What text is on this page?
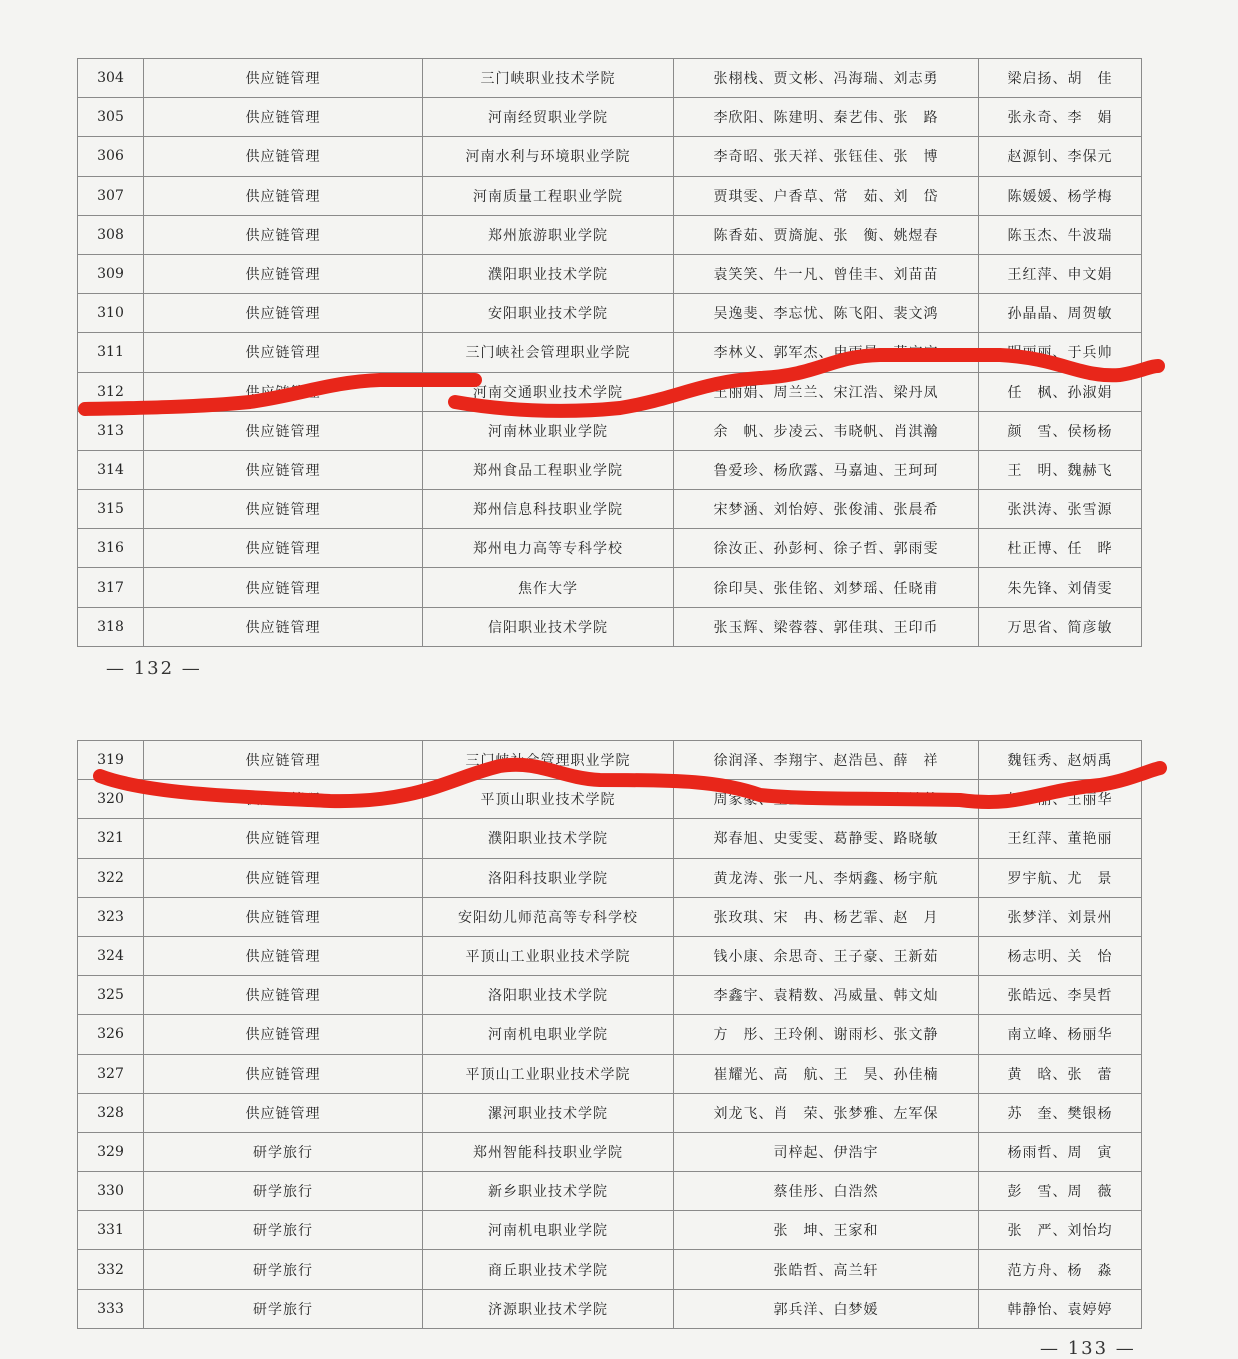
304	供应链管理	三门峡职业技术学院	张栩栈、贾文彬、冯海瑞、刘志勇	梁启扬、胡　佳
305	供应链管理	河南经贸职业学院	李欣阳、陈建明、秦艺伟、张　路	张永奇、李　娟
306	供应链管理	河南水利与环境职业学院	李奇昭、张天祥、张钰佳、张　博	赵源钊、李保元
307	供应链管理	河南质量工程职业学院	贾琪雯、户香草、常　茹、刘　岱	陈媛媛、杨学梅
308	供应链管理	郑州旅游职业学院	陈香茹、贾旖旎、张　衡、姚煜春	陈玉杰、牛波瑞
309	供应链管理	濮阳职业技术学院	袁笑笑、牛一凡、曾佳丰、刘苗苗	王红萍、申文娟
310	供应链管理	安阳职业技术学院	吴逸斐、李忘忧、陈飞阳、裴文鸿	孙晶晶、周贺敏
311	供应链管理	三门峡社会管理职业学院	李林义、郭军杰、申雨晨、苗宁宁	明丽丽、于兵帅
312	供应链管理	河南交通职业技术学院	王丽娟、周兰兰、宋江浩、梁丹凤	任　枫、孙淑娟
313	供应链管理	河南林业职业学院	余　帆、步凌云、韦晓帆、肖淇瀚	颜　雪、侯杨杨
314	供应链管理	郑州食品工程职业学院	鲁爱珍、杨欣露、马嘉迪、王珂珂	王　明、魏赫飞
315	供应链管理	郑州信息科技职业学院	宋梦涵、刘怡婷、张俊浦、张晨希	张洪涛、张雪源
316	供应链管理	郑州电力高等专科学校	徐汝正、孙彭柯、徐子哲、郭雨雯	杜正博、任　晔
317	供应链管理	焦作大学	徐印昊、张佳铭、刘梦瑶、任晓甫	朱先锋、刘倩雯
318	供应链管理	信阳职业技术学院	张玉辉、梁蓉蓉、郭佳琪、王印币	万思省、简彦敏
— 132 —
319	供应链管理	三门峡社会管理职业学院	徐润泽、李翔宇、赵浩邑、薛　祥	魏钰秀、赵炳禹
320	供应链管理	平顶山职业技术学院	周家豪、王宝玉、李子怡、赵浩然	杨　丽、王丽华
321	供应链管理	濮阳职业技术学院	郑春旭、史雯雯、葛静雯、路晓敏	王红萍、董艳丽
322	供应链管理	洛阳科技职业学院	黄龙涛、张一凡、李炳鑫、杨宇航	罗宇航、尤　景
323	供应链管理	安阳幼儿师范高等专科学校	张玫琪、宋　冉、杨艺霏、赵　月	张梦洋、刘景州
324	供应链管理	平顶山工业职业技术学院	钱小康、余思奇、王子豪、王新茹	杨志明、关　怡
325	供应链管理	洛阳职业技术学院	李鑫宇、袁精数、冯威量、韩文灿	张皓远、李昊哲
326	供应链管理	河南机电职业学院	方　彤、王玲俐、谢雨杉、张文静	南立峰、杨丽华
327	供应链管理	平顶山工业职业技术学院	崔耀光、高　航、王　昊、孙佳楠	黄　晗、张　蕾
328	供应链管理	漯河职业技术学院	刘龙飞、肖　荣、张梦雅、左军保	苏　奎、樊银杨
329	研学旅行	郑州智能科技职业学院	司梓起、伊浩宇	杨雨哲、周　寅
330	研学旅行	新乡职业技术学院	蔡佳彤、白浩然	彭　雪、周　薇
331	研学旅行	河南机电职业学院	张　坤、王家和	张　严、刘怡均
332	研学旅行	商丘职业技术学院	张皓哲、高兰轩	范方舟、杨　淼
333	研学旅行	济源职业技术学院	郭兵洋、白梦媛	韩静怡、袁婷婷
— 133 —
